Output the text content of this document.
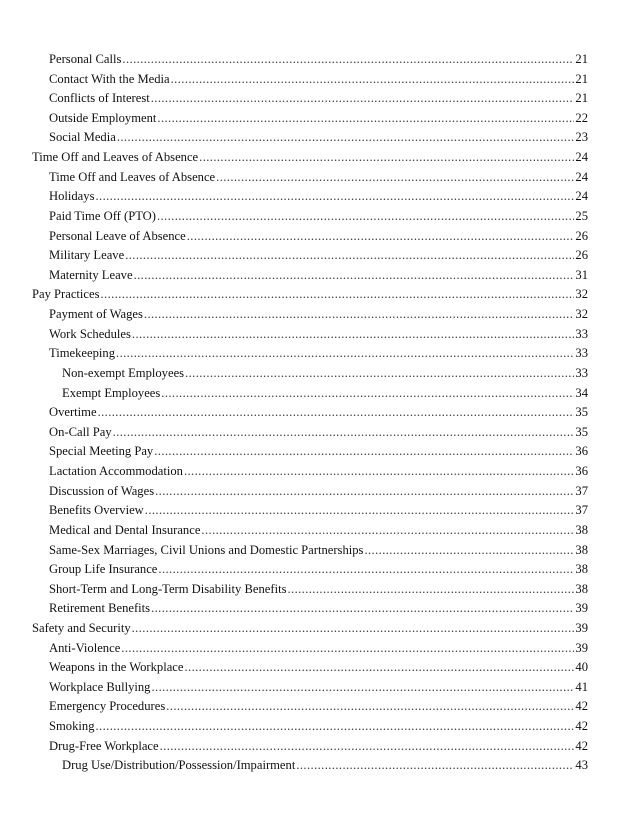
Personal Calls .....	21
Contact With the Media .....	21
Conflicts of Interest .....	21
Outside Employment .....	22
Social Media .....	23
Time Off and Leaves of Absence .....	24
Time Off and Leaves of Absence .....	24
Holidays .....	24
Paid Time Off (PTO) .....	25
Personal Leave of Absence .....	26
Military Leave .....	26
Maternity Leave .....	31
Pay Practices .....	32
Payment of Wages .....	32
Work Schedules .....	33
Timekeeping .....	33
Non-exempt Employees .....	33
Exempt Employees .....	34
Overtime .....	35
On-Call Pay .....	35
Special Meeting Pay .....	36
Lactation Accommodation .....	36
Discussion of Wages .....	37
Benefits Overview .....	37
Medical and Dental Insurance .....	38
Same-Sex Marriages, Civil Unions and Domestic Partnerships .....	38
Group Life Insurance .....	38
Short-Term and Long-Term Disability Benefits .....	38
Retirement Benefits .....	39
Safety and Security .....	39
Anti-Violence .....	39
Weapons in the Workplace .....	40
Workplace Bullying .....	41
Emergency Procedures .....	42
Smoking .....	42
Drug-Free Workplace .....	42
Drug Use/Distribution/Possession/Impairment .....	43
